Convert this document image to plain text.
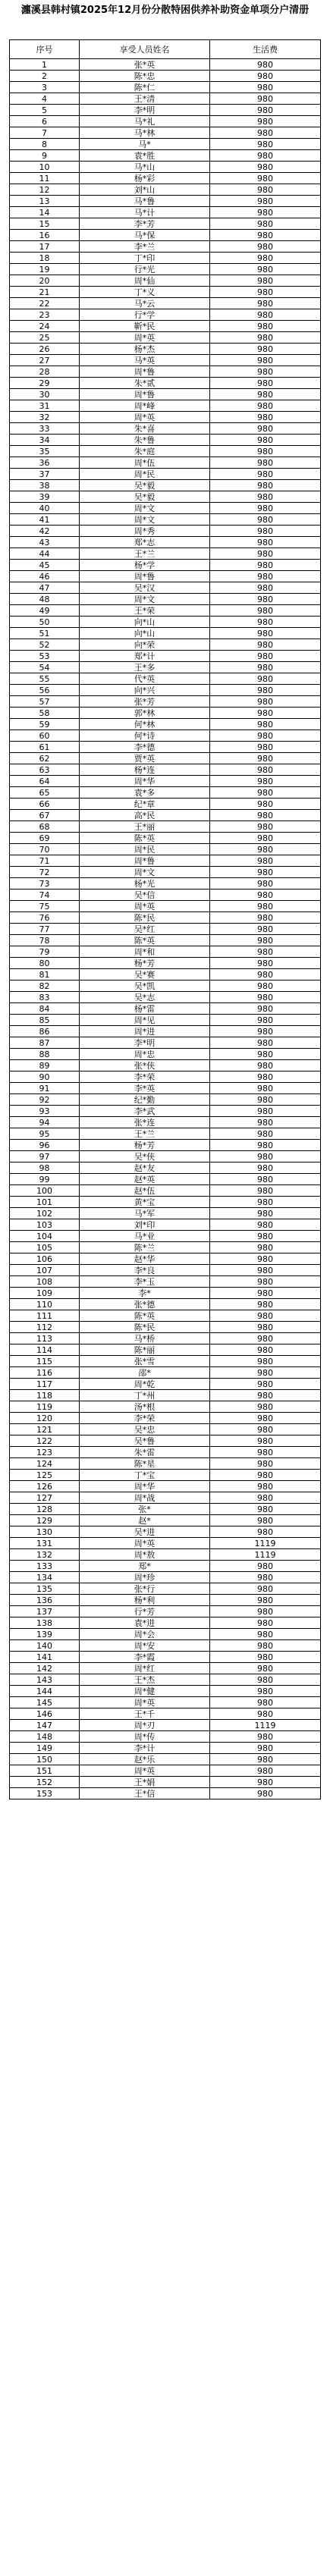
瀍溪县韩村镇2025年12月份分散特困供养补助资金单项分户清册
序号	享受人员姓名	生活费
1	张*英	980
2	陈*忠	980
3	陈*仁	980
4	王*清	980
5	李*明	980
6	马*礼	980
7	马*林	980
8	马*	980
9	袁*胜	980
10	马*山	980
11	杨*彩	980
12	刘*山	980
13	马*鲁	980
14	马*计	980
15	李*芳	980
16	马*保	980
17	李*兰	980
18	丁*印	980
19	行*光	980
20	周*仙	980
21	丁*义	980
22	马*云	980
23	行*学	980
24	靳*民	980
25	周*英	980
26	杨*杰	980
27	马*英	980
28	周*鲁	980
29	朱*贰	980
30	周*鲁	980
31	周*峰	980
32	周*英	980
33	朱*喜	980
34	朱*鲁	980
35	朱*庭	980
36	周*伍	980
37	周*民	980
38	吴*毅	980
39	吴*毅	980
40	周*文	980
41	周*文	980
42	周*秀	980
43	郑*志	980
44	王*兰	980
45	杨*学	980
46	周*鲁	980
47	吴*汉	980
48	周*文	980
49	王*荣	980
50	向*山	980
51	向*山	980
52	向*荣	980
53	郑*计	980
54	王*多	980
55	代*英	980
56	向*兴	980
57	张*芳	980
58	郭*林	980
59	何*林	980
60	何*诗	980
61	李*德	980
62	贾*英	980
63	杨*连	980
64	周*华	980
65	袁*多	980
66	纪*章	980
67	高*民	980
68	王*丽	980
69	陈*英	980
70	周*民	980
71	周*鲁	980
72	周*文	980
73	杨*光	980
74	吴*信	980
75	周*英	980
76	陈*民	980
77	吴*红	980
78	陈*英	980
79	周*和	980
80	杨*芳	980
81	吴*赛	980
82	吴*凯	980
83	吴*志	980
84	杨*雷	980
85	周*见	980
86	周*进	980
87	李*明	980
88	周*忠	980
89	张*侠	980
90	李*荣	980
91	李*英	980
92	纪*勤	980
93	李*武	980
94	张*连	980
95	王*兰	980
96	杨*芳	980
97	吴*侠	980
98	赵*友	980
99	赵*英	980
100	赵*伍	980
101	黄*宝	980
102	马*军	980
103	刘*印	980
104	马*业	980
105	陈*兰	980
106	赵*华	980
107	李*良	980
108	李*玉	980
109	李*	980
110	张*德	980
111	陈*英	980
112	陈*民	980
113	马*桥	980
114	陈*丽	980
115	张*雪	980
116	邵*	980
117	周*乾	980
118	丁*州	980
119	汤*根	980
120	李*荣	980
121	吴*忠	980
122	吴*鲁	980
123	朱*雷	980
124	陈*星	980
125	丁*宝	980
126	周*华	980
127	周*战	980
128	张*	980
129	赵*	980
130	吴*进	980
131	周*英	1119
132	周*敖	1119
133	郑*	980
134	周*珍	980
135	张*行	980
136	杨*利	980
137	行*芳	980
138	袁*进	980
139	周*会	980
140	周*安	980
141	李*霞	980
142	周*红	980
143	王*杰	980
144	周*健	980
145	周*英	980
146	王*千	980
147	周*刃	1119
148	周*传	980
149	李*计	980
150	赵*乐	980
151	周*英	980
152	王*娟	980
153	王*信	980
